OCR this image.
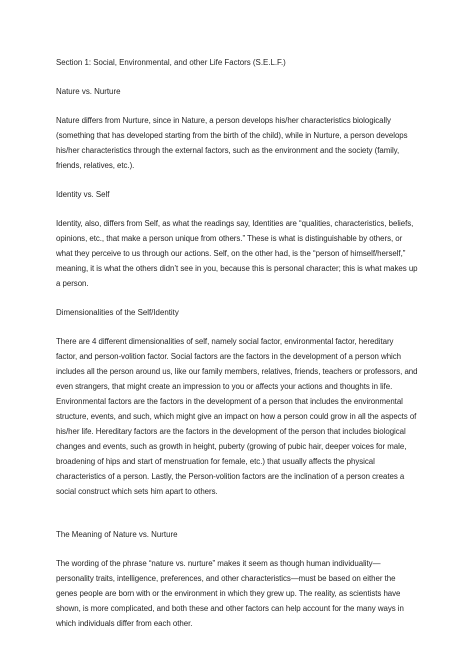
Section 1: Social, Environmental, and other Life Factors (S.E.L.F.)

Nature vs. Nurture

Nature differs from Nurture, since in Nature, a person develops his/her characteristics biologically
(something that has developed starting from the birth of the child), while in Nurture, a person develops
his/her characteristics through the external factors, such as the environment and the society (family,
friends, relatives, etc.).

Identity vs. Self

Identity, also, differs from Self, as what the readings say, Identities are “qualities, characteristics, beliefs,
opinions, etc., that make a person unique from others.” These is what is distinguishable by others, or
what they perceive to us through our actions. Self, on the other had, is the “person of himself/herself,”
meaning, it is what the others didn’t see in you, because this is personal character; this is what makes up
a person.

Dimensionalities of the Self/Identity

There are 4 different dimensionalities of self, namely social factor, environmental factor, hereditary
factor, and person-volition factor. Social factors are the factors in the development of a person which
includes all the person around us, like our family members, relatives, friends, teachers or professors, and
even strangers, that might create an impression to you or affects your actions and thoughts in life.
Environmental factors are the factors in the development of a person that includes the environmental
structure, events, and such, which might give an impact on how a person could grow in all the aspects of
his/her life. Hereditary factors are the factors in the development of the person that includes biological
changes and events, such as growth in height, puberty (growing of pubic hair, deeper voices for male,
broadening of hips and start of menstruation for female, etc.) that usually affects the physical
characteristics of a person. Lastly, the Person-volition factors are the inclination of a person creates a
social construct which sets him apart to others.

The Meaning of Nature vs. Nurture

The wording of the phrase “nature vs. nurture” makes it seem as though human individuality—
personality traits, intelligence, preferences, and other characteristics—must be based on either the
genes people are born with or the environment in which they grew up. The reality, as scientists have
shown, is more complicated, and both these and other factors can help account for the many ways in
which individuals differ from each other.
